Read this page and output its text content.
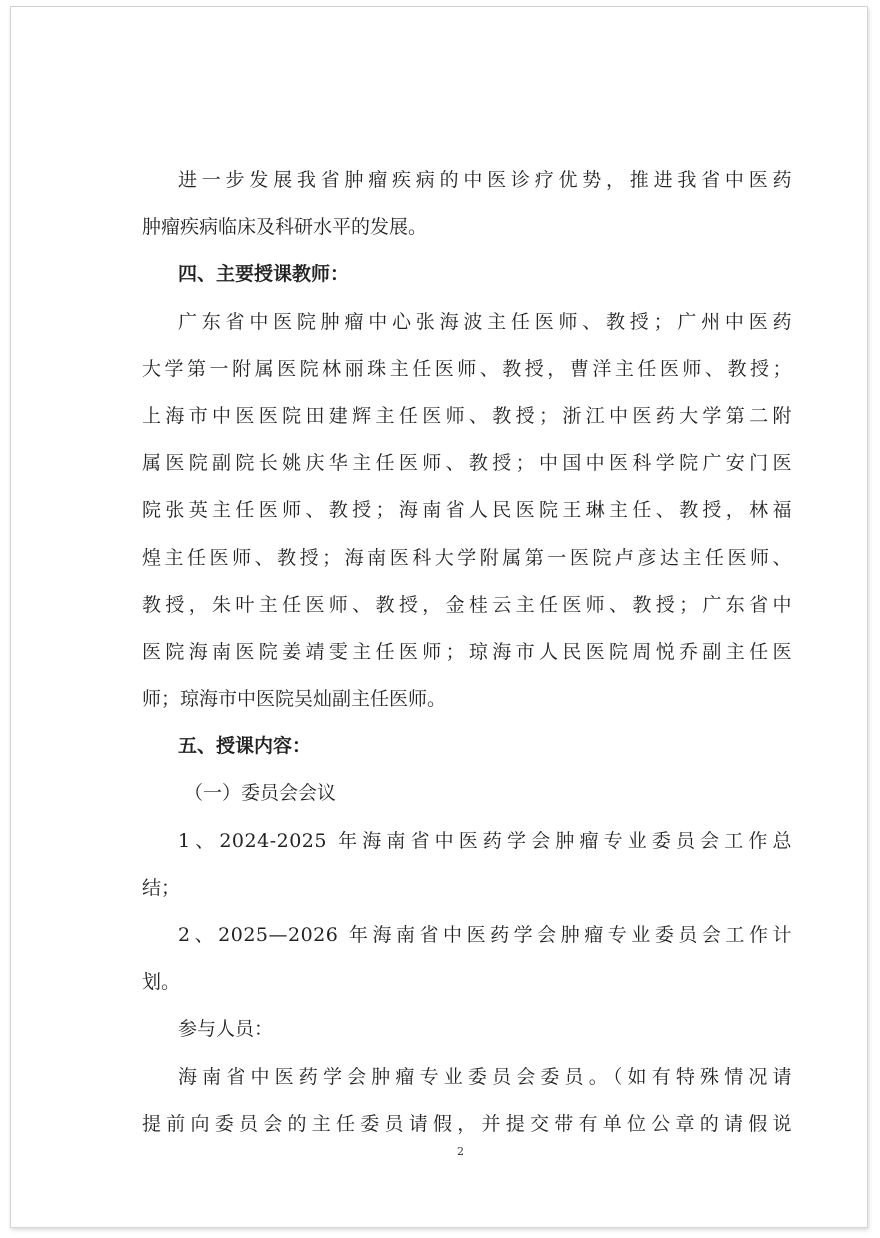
进一步发展我省肿瘤疾病的中医诊疗优势，推进我省中医药
肿瘤疾病临床及科研水平的发展。
四、主要授课教师：
广东省中医院肿瘤中心张海波主任医师、教授；广州中医药
大学第一附属医院林丽珠主任医师、教授，曹洋主任医师、教授；
上海市中医医院田建辉主任医师、教授；浙江中医药大学第二附
属医院副院长姚庆华主任医师、教授；中国中医科学院广安门医
院张英主任医师、教授；海南省人民医院王琳主任、教授，林福
煌主任医师、教授；海南医科大学附属第一医院卢彦达主任医师、
教授，朱叶主任医师、教授，金桂云主任医师、教授；广东省中
医院海南医院姜靖雯主任医师；琼海市人民医院周悦乔副主任医
师；琼海市中医院吴灿副主任医师。
五、授课内容：
（一）委员会会议
1、2024-2025 年海南省中医药学会肿瘤专业委员会工作总
结；
2、2025—2026 年海南省中医药学会肿瘤专业委员会工作计
划。
参与人员：
海南省中医药学会肿瘤专业委员会委员。（如有特殊情况请
提前向委员会的主任委员请假，并提交带有单位公章的请假说
2
